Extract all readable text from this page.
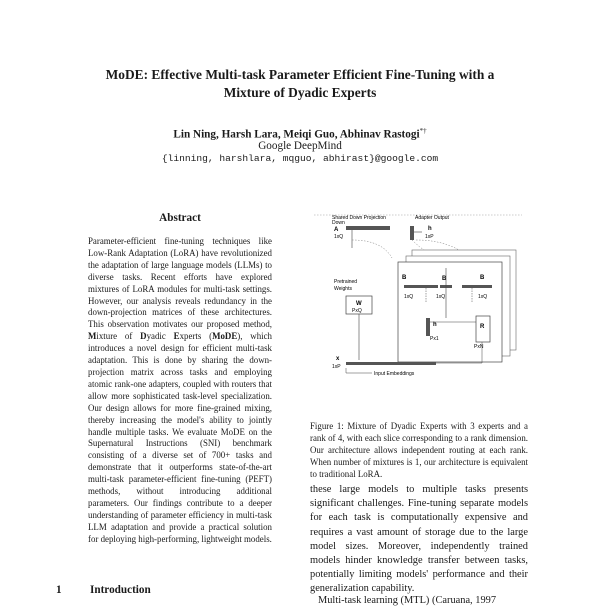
MoDE: Effective Multi-task Parameter Efficient Fine-Tuning with a
Mixture of Dyadic Experts
Lin Ning, Harsh Lara, Meiqi Guo, Abhinav Rastogi*†
Google DeepMind
{linning, harshlara, mqguo, abhirast}@google.com
Abstract

Parameter-efficient fine-tuning techniques like Low-Rank Adaptation (LoRA) have revolutionized the adaptation of large language models (LLMs) to diverse tasks. Recent efforts have explored mixtures of LoRA modules for multi-task settings. However, our analysis reveals redundancy in the down-projection matrices of these architectures. This observation motivates our proposed method, Mixture of Dyadic Experts (MoDE), which introduces a novel design for efficient multi-task adaptation. This is done by sharing the down-projection matrix across tasks and employing atomic rank-one adapters, coupled with routers that allow more sophisticated task-level specialization. Our design allows for more fine-grained mixing, thereby increasing the model's ability to jointly handle multiple tasks. We evaluate MoDE on the Supernatural Instructions (SNI) benchmark consisting of a diverse set of 700+ tasks and demonstrate that it outperforms state-of-the-art multi-task parameter-efficient fine-tuning (PEFT) methods, without introducing additional parameters. Our findings contribute to a deeper understanding of parameter efficiency in multi-task LLM adaptation and provide a practical solution for deploying high-performing, lightweight models.

1	Introduction
Shared Down Projection	Adapter Output
Down
A
1xQ
h
1xP
B	B	B
1xQ	1xQ	1xQ
Pretrained
Weights
W
PxQ
h
Px1
R
PxN
x
1xP
Input Embeddings
Figure 1: Mixture of Dyadic Experts with 3 experts and a rank of 4, with each slice corresponding to a rank dimension. Our architecture allows independent routing at each rank. When number of mixtures is 1, our architecture is equivalent to traditional LoRA.
these large models to multiple tasks presents significant challenges. Fine-tuning separate models for each task is computationally expensive and requires a vast amount of storage due to the large model sizes. Moreover, independently trained models hinder knowledge transfer between tasks, potentially limiting models' performance and their generalization capability.
Multi-task learning (MTL) (Caruana, 1997
